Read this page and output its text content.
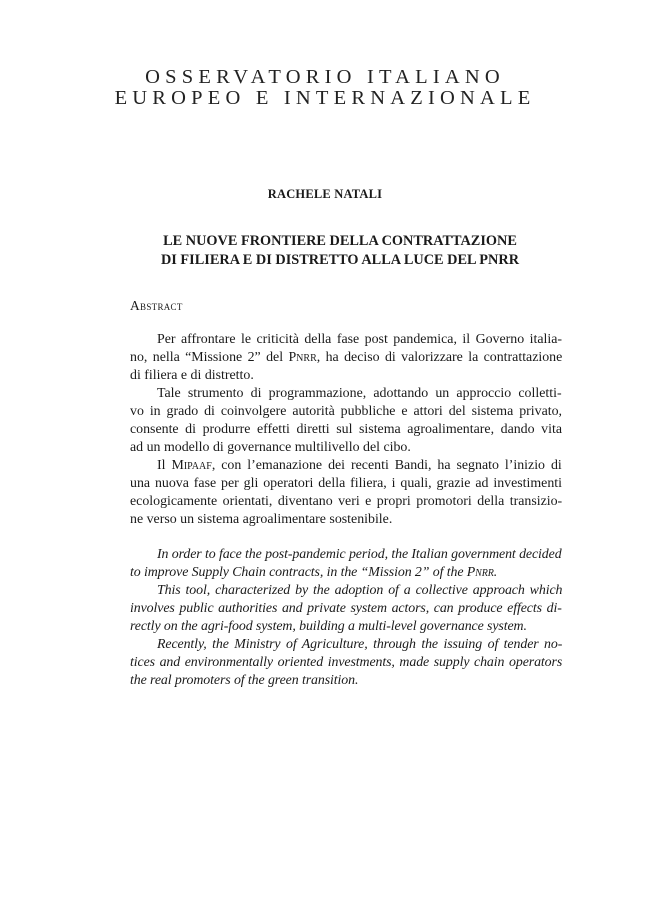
OSSERVATORIO ITALIANO
EUROPEO E INTERNAZIONALE
RACHELE NATALI
LE NUOVE FRONTIERE DELLA CONTRATTAZIONE
DI FILIERA E DI DISTRETTO ALLA LUCE DEL PNRR
Abstract
Per affrontare le criticità della fase post pandemica, il Governo italia-
no, nella “Missione 2” del Pnrr, ha deciso di valorizzare la contrattazione
di filiera e di distretto.
Tale strumento di programmazione, adottando un approccio colletti-
vo in grado di coinvolgere autorità pubbliche e attori del sistema privato,
consente di produrre effetti diretti sul sistema agroalimentare, dando vita
ad un modello di governance multilivello del cibo.
Il Mipaaf, con l’emanazione dei recenti Bandi, ha segnato l’inizio di
una nuova fase per gli operatori della filiera, i quali, grazie ad investimenti
ecologicamente orientati, diventano veri e propri promotori della transizio-
ne verso un sistema agroalimentare sostenibile.
In order to face the post-pandemic period, the Italian government decided
to improve Supply Chain contracts, in the “Mission 2” of the Pnrr.
This tool, characterized by the adoption of a collective approach which
involves public authorities and private system actors, can produce effects di-
rectly on the agri-food system, building a multi-level governance system.
Recently, the Ministry of Agriculture, through the issuing of tender no-
tices and environmentally oriented investments, made supply chain operators
the real promoters of the green transition.
